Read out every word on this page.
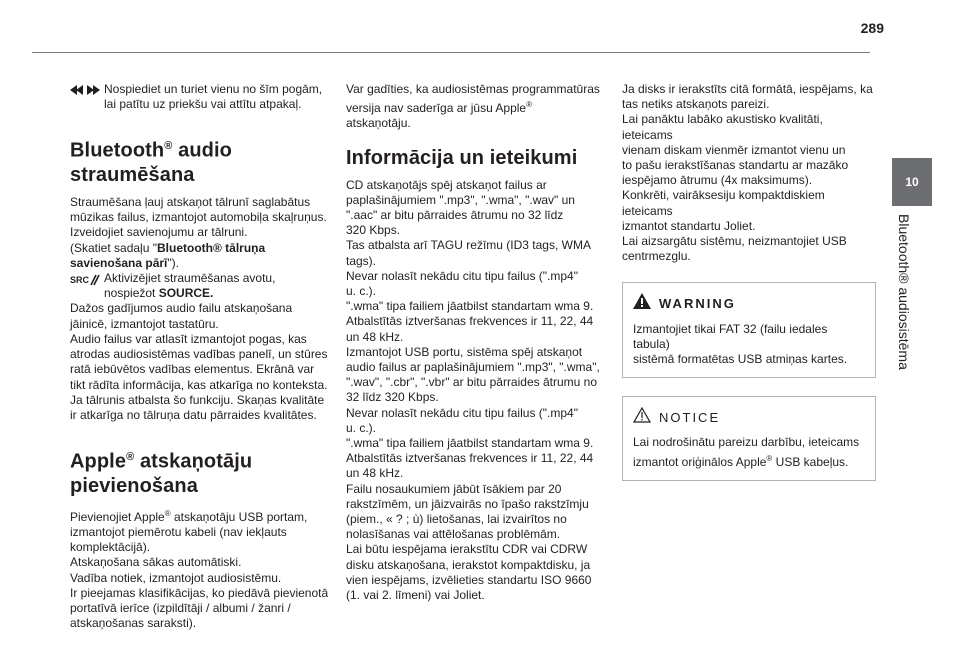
289
10
Bluetooth® audiosistēma
Nospiediet un turiet vienu no šīm pogām,
lai patītu uz priekšu vai attītu atpakaļ.
Bluetooth® audio
straumēšana

Straumēšana ļauj atskaņot tālrunī saglabātus
mūzikas failus, izmantojot automobiļa skaļruņus.
Izveidojiet savienojumu ar tālruni.
(Skatiet sadaļu "Bluetooth® tālruņa
savienošana pārī").

SRC Aktivizējiet straumēšanas avotu,
nospiežot SOURCE.

Dažos gadījumos audio failu atskaņošana
jāinicē, izmantojot tastatūru.
Audio failus var atlasīt izmantojot pogas, kas
atrodas audiosistēmas vadības panelī, un stūres
ratā iebūvētos vadības elementus. Ekrānā var
tikt rādīta informācija, kas atkarīga no konteksta.
Ja tālrunis atbalsta šo funkciju. Skaņas kvalitāte
ir atkarīga no tālruņa datu pārraides kvalitātes.

Apple® atskaņotāju
pievienošana

Pievienojiet Apple® atskaņotāju USB portam,
izmantojot piemērotu kabeli (nav iekļauts
komplektācijā).
Atskaņošana sākas automātiski.
Vadība notiek, izmantojot audiosistēmu.
Ir pieejamas klasifikācijas, ko piedāvā pievienotā
portatīvā ierīce (izpildītāji / albumi / žanri /
atskaņošanas saraksti).

Var gadīties, ka audiosistēmas programmatūras
versija nav saderīga ar jūsu Apple® atskaņotāju.

Informācija un ieteikumi

CD atskaņotājs spēj atskaņot failus ar
paplašinājumiem ".mp3", ".wma", ".wav" un
".aac" ar bitu pārraides ātrumu no 32 līdz
320 Kbps.
Tas atbalsta arī TAGU režīmu (ID3 tags, WMA
tags).
Nevar nolasīt nekādu citu tipu failus (".mp4"
u. c.).
".wma" tipa failiem jāatbilst standartam wma 9.
Atbalstītās iztveršanas frekvences ir 11, 22, 44
un 48 kHz.
Izmantojot USB portu, sistēma spēj atskaņot
audio failus ar paplašinājumiem ".mp3", ".wma",
".wav", ".cbr", ".vbr" ar bitu pārraides ātrumu no
32 līdz 320 Kbps.
Nevar nolasīt nekādu citu tipu failus (".mp4"
u. c.).
".wma" tipa failiem jāatbilst standartam wma 9.
Atbalstītās iztveršanas frekvences ir 11, 22, 44
un 48 kHz.
Failu nosaukumiem jābūt īsākiem par 20
rakstzīmēm, un jāizvairās no īpašo rakstzīmju
(piem., « ? ; ù) lietošanas, lai izvairītos no
nolasīšanas vai attēlošanas problēmām.
Lai būtu iespējama ierakstītu CDR vai CDRW
disku atskaņošana, ierakstot kompaktdisku, ja
vien iespējams, izvēlieties standartu ISO 9660
(1. vai 2. līmeni) vai Joliet.

Ja disks ir ierakstīts citā formātā, iespējams, ka
tas netiks atskaņots pareizi.
Lai panāktu labāko akustisko kvalitāti, ieteicams
vienam diskam vienmēr izmantot vienu un
to pašu ierakstīšanas standartu ar mazāko
iespējamo ātrumu (4x maksimums).
Konkrēti, vairāksesiju kompaktdiskiem ieteicams
izmantot standartu Joliet.
Lai aizsargātu sistēmu, neizmantojiet USB
centrmezglu.

WARNING
Izmantojiet tikai FAT 32 (failu iedales tabula)
sistēmā formatētas USB atmiņas kartes.
NOTICE
Lai nodrošinātu pareizu darbību, ieteicams
izmantot oriģinālos Apple® USB kabeļus.
